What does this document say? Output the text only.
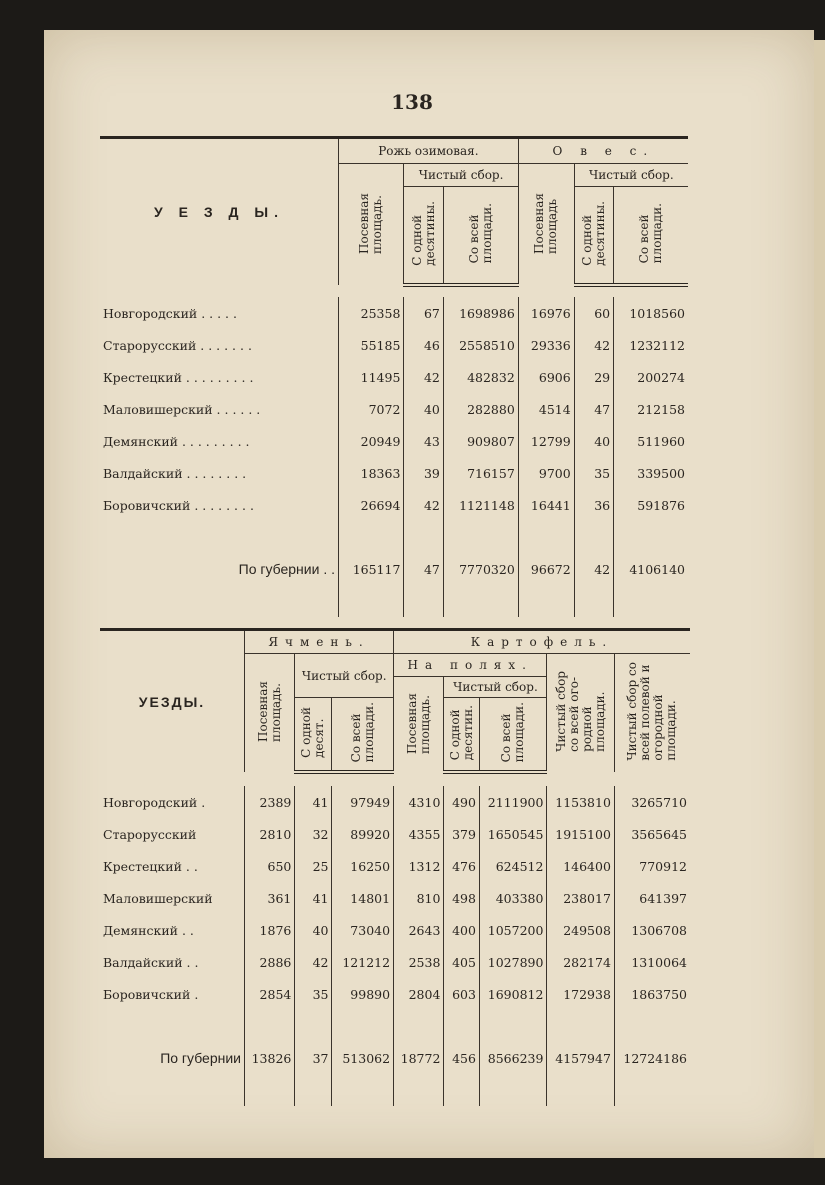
138
У Е З Д Ы.	Рожь озимовая.			О в е с.		
	Посевная
площадь.	Чистый сбор.		Посевная
площадь	Чистый сбор.	
		С одной
десятины.	Со всей
площади.		С одной
десятины.	Со всей
площади.

Новгородский . . . . .	25358	67	1698986	16976	60	1018560
Старорусский . . . . . . .	55185	46	2558510	29336	42	1232112
Крестецкий . . . . . . . . .	11495	42	482832	6906	29	200274
Маловишерский . . . . . .	7072	40	282880	4514	47	212158
Демянский . . . . . . . . .	20949	43	909807	12799	40	511960
Валдайский . . . . . . . .	18363	39	716157	9700	35	339500
Боровичский . . . . . . . .	26694	42	1121148	16441	36	591876

По губернии . .	165117	47	7770320	96672	42	4106140

УЕЗДЫ.	Ячмень.			Картофель.				
	Посевная
площадь.	Чистый сбор.		На полях.			Чистый сбор
со всей ого-
родной
площади.	Чистый сбор со
всей полевой и
огородной
площади.
				Посевная
площадь.	Чистый сбор.			
		С одной
десят.	Со всей
площади.		С одной
десятин.	Со всей
площади.		

Новгородский .	2389	41	97949	4310	490	2111900	1153810	3265710
Старорусский	2810	32	89920	4355	379	1650545	1915100	3565645
Крестецкий . .	650	25	16250	1312	476	624512	146400	770912
Маловишерский	361	41	14801	810	498	403380	238017	641397
Демянский . .	1876	40	73040	2643	400	1057200	249508	1306708
Валдайский . .	2886	42	121212	2538	405	1027890	282174	1310064
Боровичский .	2854	35	99890	2804	603	1690812	172938	1863750

По губернии	13826	37	513062	18772	456	8566239	4157947	12724186
